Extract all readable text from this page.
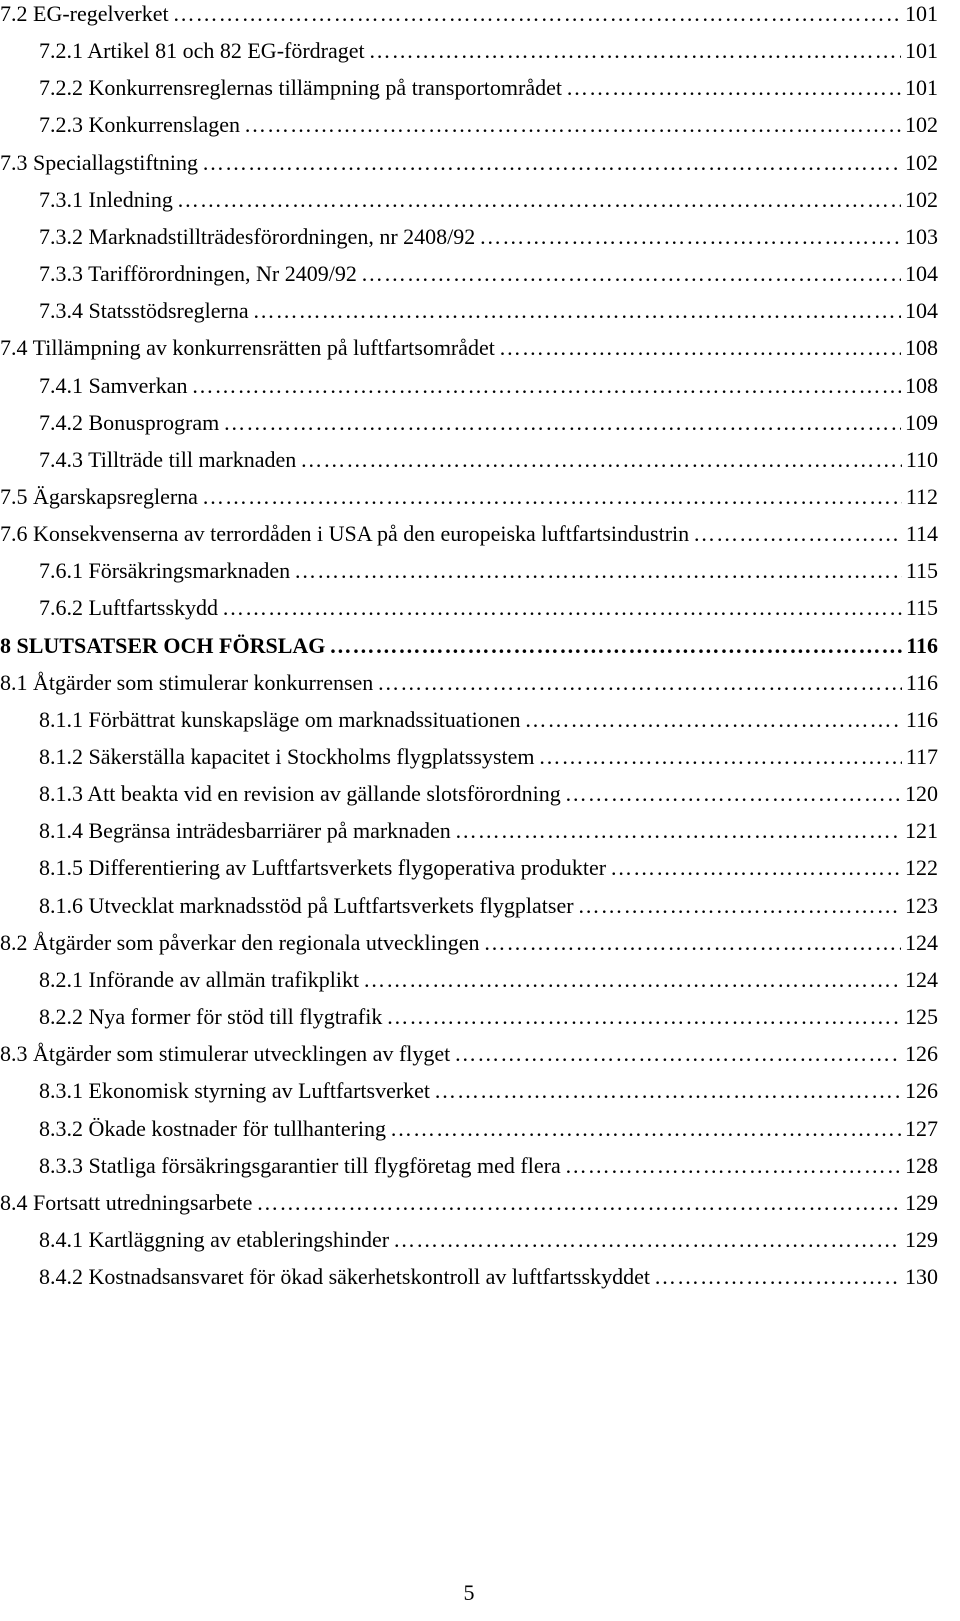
7.2 EG-regelverket ……………………………………………………………………………………………………………………………………………………………………………………………………	101
7.2.1 Artikel 81 och 82 EG-fördraget ……………………………………………………………………………………………………………………………………………………………………………………………………	101
7.2.2 Konkurrensreglernas tillämpning på transportområdet ……………………………………………………………………………………………………………………………………………………………………………………………………	101
7.2.3 Konkurrenslagen ……………………………………………………………………………………………………………………………………………………………………………………………………	102
7.3 Speciallagstiftning ……………………………………………………………………………………………………………………………………………………………………………………………………	102
7.3.1 Inledning ……………………………………………………………………………………………………………………………………………………………………………………………………	102
7.3.2 Marknadstillträdesförordningen, nr 2408/92 ……………………………………………………………………………………………………………………………………………………………………………………………………	103
7.3.3 Tarifförordningen, Nr 2409/92 ……………………………………………………………………………………………………………………………………………………………………………………………………	104
7.3.4 Statsstödsreglerna ……………………………………………………………………………………………………………………………………………………………………………………………………	104
7.4 Tillämpning av konkurrensrätten på luftfartsområdet ……………………………………………………………………………………………………………………………………………………………………………………………………	108
7.4.1 Samverkan ……………………………………………………………………………………………………………………………………………………………………………………………………	108
7.4.2 Bonusprogram ……………………………………………………………………………………………………………………………………………………………………………………………………	109
7.4.3 Tillträde till marknaden ……………………………………………………………………………………………………………………………………………………………………………………………………	110
7.5 Ägarskapsreglerna ……………………………………………………………………………………………………………………………………………………………………………………………………	112
7.6 Konsekvenserna av terrordåden i USA på den europeiska luftfartsindustrin ……………………………………………………………………………………………………………………………………………………………………………………………………	114
7.6.1 Försäkringsmarknaden ……………………………………………………………………………………………………………………………………………………………………………………………………	115
7.6.2 Luftfartsskydd ……………………………………………………………………………………………………………………………………………………………………………………………………	115
8 SLUTSATSER OCH FÖRSLAG ……………………………………………………………………………………………………………………………………………………………………………………………………	116
8.1 Åtgärder som stimulerar konkurrensen ……………………………………………………………………………………………………………………………………………………………………………………………………	116
8.1.1 Förbättrat kunskapsläge om marknadssituationen ……………………………………………………………………………………………………………………………………………………………………………………………………	116
8.1.2 Säkerställa kapacitet i Stockholms flygplatssystem ……………………………………………………………………………………………………………………………………………………………………………………………………	117
8.1.3 Att beakta vid en revision av gällande slotsförordning ……………………………………………………………………………………………………………………………………………………………………………………………………	120
8.1.4 Begränsa inträdesbarriärer på marknaden ……………………………………………………………………………………………………………………………………………………………………………………………………	121
8.1.5 Differentiering av Luftfartsverkets flygoperativa produkter ……………………………………………………………………………………………………………………………………………………………………………………………………	122
8.1.6 Utvecklat marknadsstöd på Luftfartsverkets flygplatser ……………………………………………………………………………………………………………………………………………………………………………………………………	123
8.2 Åtgärder som påverkar den regionala utvecklingen ……………………………………………………………………………………………………………………………………………………………………………………………………	124
8.2.1 Införande av allmän trafikplikt ……………………………………………………………………………………………………………………………………………………………………………………………………	124
8.2.2 Nya former för stöd till flygtrafik ……………………………………………………………………………………………………………………………………………………………………………………………………	125
8.3 Åtgärder som stimulerar utvecklingen av flyget ……………………………………………………………………………………………………………………………………………………………………………………………………	126
8.3.1 Ekonomisk styrning av Luftfartsverket ……………………………………………………………………………………………………………………………………………………………………………………………………	126
8.3.2 Ökade kostnader för tullhantering ……………………………………………………………………………………………………………………………………………………………………………………………………	127
8.3.3 Statliga försäkringsgarantier till flygföretag med flera ……………………………………………………………………………………………………………………………………………………………………………………………………	128
8.4 Fortsatt utredningsarbete ……………………………………………………………………………………………………………………………………………………………………………………………………	129
8.4.1 Kartläggning av etableringshinder ……………………………………………………………………………………………………………………………………………………………………………………………………	129
8.4.2 Kostnadsansvaret för ökad säkerhetskontroll av luftfartsskyddet ……………………………………………………………………………………………………………………………………………………………………………………………………	130
5
